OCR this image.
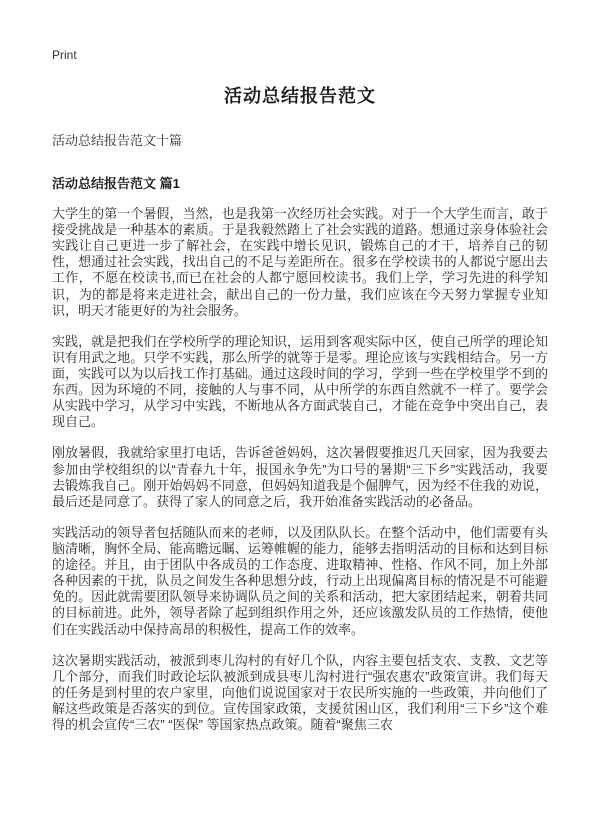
Print
活动总结报告范文
活动总结报告范文十篇
活动总结报告范文 篇1

大学生的第一个暑假，当然，也是我第一次经历社会实践。对于一个大学生而言，敢于接受挑战是一种基本的素质。于是我毅然踏上了社会实践的道路。想通过亲身体验社会实践让自己更进一步了解社会，在实践中增长见识，锻炼自己的才干，培养自己的韧性，想通过社会实践，找出自己的不足与差距所在。很多在学校读书的人都说宁愿出去工作，不愿在校读书,而已在社会的人都宁愿回校读书。我们上学，学习先进的科学知识，为的都是将来走进社会，献出自己的一份力量，我们应该在今天努力掌握专业知识，明天才能更好的为社会服务。

实践，就是把我们在学校所学的理论知识，运用到客观实际中区，使自己所学的理论知识有用武之地。只学不实践，那么所学的就等于是零。理论应该与实践相结合。另一方面，实践可以为以后找工作打基础。通过这段时间的学习，学到一些在学校里学不到的东西。因为环境的不同，接触的人与事不同，从中所学的东西自然就不一样了。要学会从实践中学习，从学习中实践，不断地从各方面武装自己，才能在竞争中突出自己，表现自己。

刚放暑假，我就给家里打电话，告诉爸爸妈妈，这次暑假要推迟几天回家，因为我要去参加由学校组织的以“青春九十年，报国永争先”为口号的暑期“三下乡”实践活动，我要去锻炼我自己。刚开始妈妈不同意，但妈妈知道我是个倔脾气，因为经不住我的劝说，最后还是同意了。获得了家人的同意之后，我开始准备实践活动的必备品。

实践活动的领导者包括随队而来的老师，以及团队队长。在整个活动中，他们需要有头脑清晰，胸怀全局、能高瞻远瞩、运筹帷幄的能力，能够去指明活动的目标和达到目标的途径。并且，由于团队中各成员的工作态度、进取精神、性格、作风不同，加上外部各种因素的干扰，队员之间发生各种思想分歧，行动上出现偏离目标的情况是不可能避免的。因此就需要团队领导来协调队员之间的关系和活动，把大家团结起来，朝着共同的目标前进。此外，领导者除了起到组织作用之外，还应该激发队员的工作热情，使他们在实践活动中保持高昂的积极性，提高工作的效率。

这次暑期实践活动，被派到枣儿沟村的有好几个队，内容主要包括支农、支教、文艺等几个部分，而我们时政论坛队被派到成县枣儿沟村进行“强农惠农”政策宣讲。我们每天的任务是到村里的农户家里，向他们说说国家对于农民所实施的一些政策，并向他们了解这些政策是否落实的到位。宣传国家政策，支援贫困山区，我们利用“三下乡”这个难得的机会宣传“三农” “医保” 等国家热点政策。随着“聚焦三农
